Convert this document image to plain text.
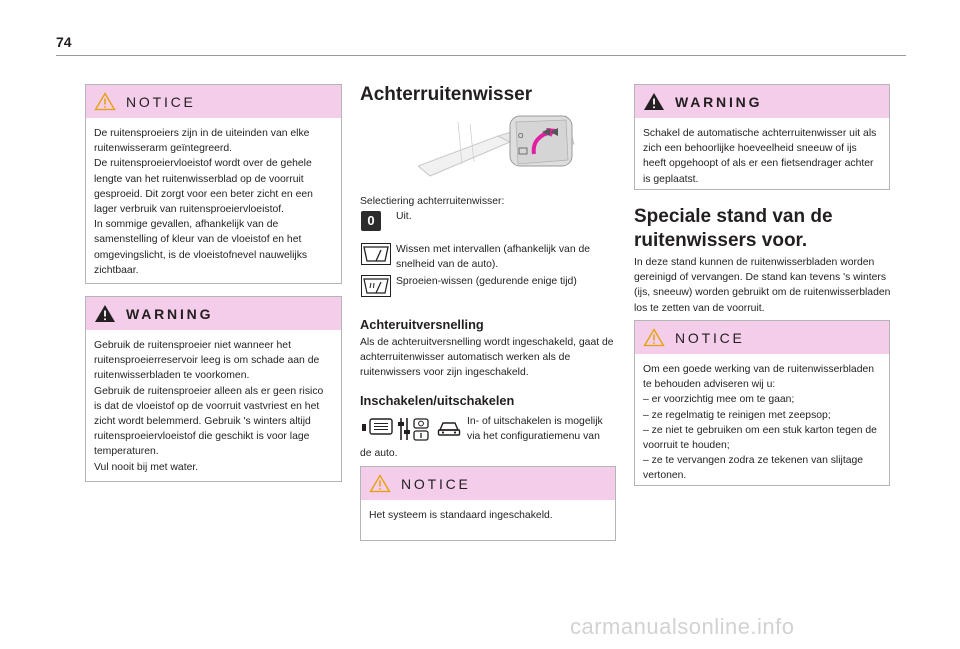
74
NOTICE

De ruitensproeiers zijn in de uiteinden van elke ruitenwisserarm geïntegreerd.

De ruitensproeiervloeistof wordt over de gehele lengte van het ruitenwisserblad op de voorruit gesproeid. Dit zorgt voor een beter zicht en een lager verbruik van ruitensproeiervloeistof.

In sommige gevallen, afhankelijk van de samenstelling of kleur van de vloeistof en het omgevingslicht, is de vloeistofnevel nauwelijks zichtbaar.

WARNING

Gebruik de ruitensproeier niet wanneer het ruitensproeierreservoir leeg is om schade aan de ruitenwisserbladen te voorkomen.

Gebruik de ruitensproeier alleen als er geen risico is dat de vloeistof op de voorruit vastvriest en het zicht wordt belemmerd. Gebruik 's winters altijd ruitensproeiervloeistof die geschikt is voor lage temperaturen.

Vul nooit bij met water.

Achterruitenwisser
O

Selectiering achterruitenwisser:

0	Uit.

Wissen met intervallen (afhankelijk van de snelheid van de auto).

Sproeien-wissen (gedurende enige tijd)

Achteruitversnelling

Als de achteruitversnelling wordt ingeschakeld, gaat de achterruitenwisser automatisch werken als de ruitenwissers voor zijn ingeschakeld.

Inschakelen/uitschakelen

In- of uitschakelen is mogelijk

via het configuratiemenu van

de auto.

NOTICE

Het systeem is standaard ingeschakeld.

WARNING

Schakel de automatische achterruitenwisser uit als zich een behoorlijke hoeveelheid sneeuw of ijs heeft opgehoopt of als er een fietsendrager achter is geplaatst.

Speciale stand van de
ruitenwissers voor.

In deze stand kunnen de ruitenwisserbladen worden gereinigd of vervangen. De stand kan tevens 's winters (ijs, sneeuw) worden gebruikt om de ruitenwisserbladen los te zetten van de voorruit.

NOTICE

Om een goede werking van de ruitenwisserbladen te behouden adviseren wij u:

– er voorzichtig mee om te gaan;

– ze regelmatig te reinigen met zeepsop;

– ze niet te gebruiken om een stuk karton tegen de voorruit te houden;

– ze te vervangen zodra ze tekenen van slijtage vertonen.

carmanualsonline.info
